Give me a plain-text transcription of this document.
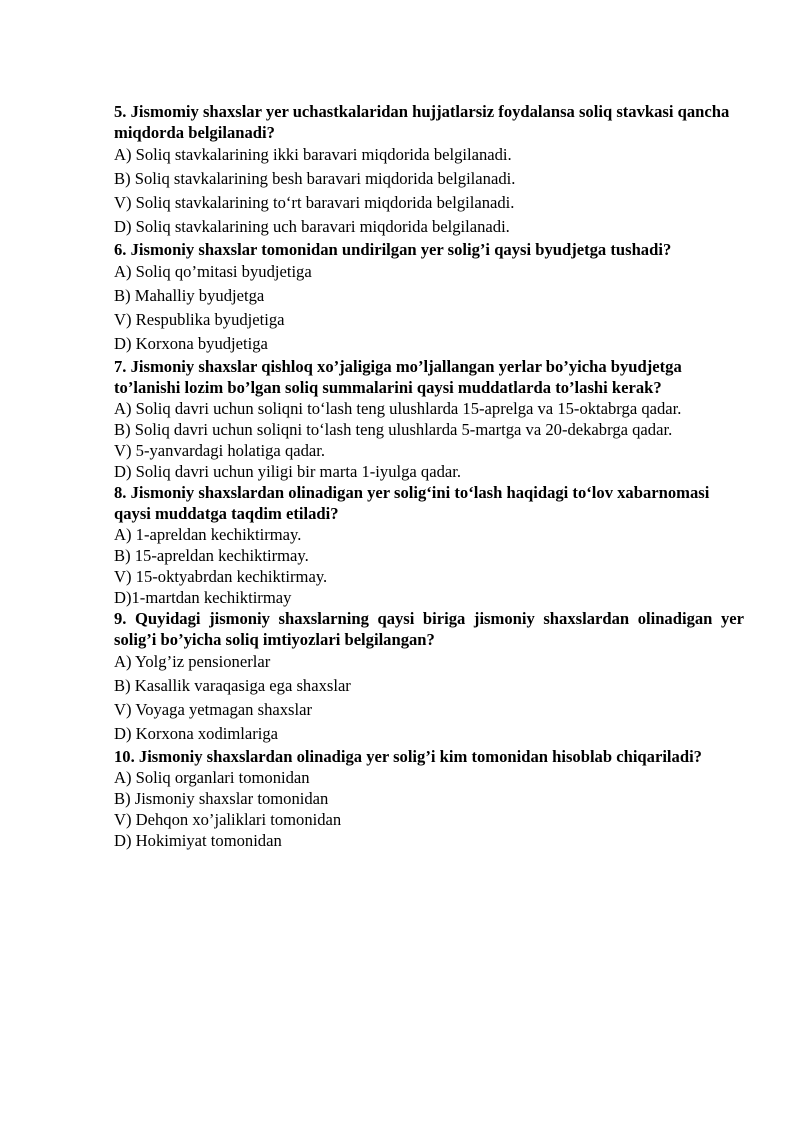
5. Jismomiy shaxslar yer uchastkalaridan hujjatlarsiz foydalansa soliq stavkasi qancha miqdorda belgilanadi?

A) Soliq stavkalarining ikki baravari miqdorida belgilanadi.

B) Soliq stavkalarining besh baravari miqdorida belgilanadi.

V) Soliq stavkalarining to‘rt baravari miqdorida belgilanadi.

D) Soliq stavkalarining uch baravari miqdorida belgilanadi.

6. Jismoniy shaxslar tomonidan undirilgan yer solig’i qaysi byudjetga tushadi?

A) Soliq qo’mitasi byudjetiga

B) Mahalliy byudjetga

V) Respublika byudjetiga

D) Korxona byudjetiga

7. Jismoniy shaxslar qishloq xo’jaligiga mo’ljallangan yerlar bo’yicha byudjetga to’lanishi lozim bo’lgan soliq summalarini qaysi muddatlarda to’lashi kerak?

A) Soliq davri uchun soliqni to‘lash teng ulushlarda 15-aprelga va 15-oktabrga qadar.

B) Soliq davri uchun soliqni to‘lash teng ulushlarda 5-martga va 20-dekabrga qadar.

V) 5-yanvardagi holatiga qadar.

D) Soliq davri uchun yiligi bir marta 1-iyulga qadar.

8. Jismoniy shaxslardan olinadigan yer solig‘ini to‘lash haqidagi to‘lov xabarnomasi qaysi muddatga taqdim etiladi?

A) 1-apreldan kechiktirmay.

B) 15-apreldan kechiktirmay.

V) 15-oktyabrdan kechiktirmay.

D)1-martdan kechiktirmay

9. Quyidagi jismoniy shaxslarning qaysi biriga jismoniy shaxslardan olinadigan yer solig’i bo’yicha soliq imtiyozlari belgilangan?

A) Yolg’iz pensionerlar

B) Kasallik varaqasiga ega shaxslar

V) Voyaga yetmagan shaxslar

D) Korxona xodimlariga

10. Jismoniy shaxslardan olinadiga yer solig’i kim tomonidan hisoblab chiqariladi?

A) Soliq organlari tomonidan

B) Jismoniy shaxslar tomonidan

V) Dehqon xo’jaliklari tomonidan

D) Hokimiyat tomonidan
